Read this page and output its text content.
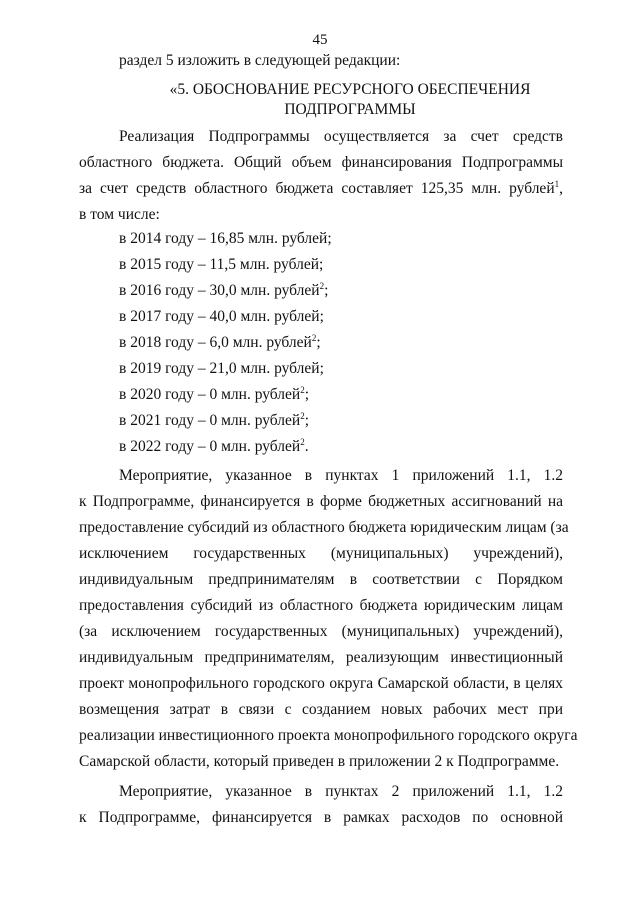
45
раздел 5 изложить в следующей редакции:
«5. ОБОСНОВАНИЕ РЕСУРСНОГО ОБЕСПЕЧЕНИЯ
ПОДПРОГРАММЫ
Реализация Подпрограммы осуществляется за счет средств
областного бюджета. Общий объем финансирования Подпрограммы
за счет средств областного бюджета составляет 125,35 млн. рублей$^1$,
в том числе:
в 2014 году – 16,85 млн. рублей;
в 2015 году – 11,5 млн. рублей;
в 2016 году – 30,0 млн. рублей$^2$;
в 2017 году – 40,0 млн. рублей;
в 2018 году – 6,0 млн. рублей$^2$;
в 2019 году – 21,0 млн. рублей;
в 2020 году – 0 млн. рублей$^2$;
в 2021 году – 0 млн. рублей$^2$;
в 2022 году – 0 млн. рублей$^2$.
Мероприятие, указанное в пунктах 1 приложений 1.1, 1.2
к Подпрограмме, финансируется в форме бюджетных ассигнований на
предоставление субсидий из областного бюджета юридическим лицам (за
исключением государственных (муниципальных) учреждений),
индивидуальным предпринимателям в соответствии с Порядком
предоставления субсидий из областного бюджета юридическим лицам
(за исключением государственных (муниципальных) учреждений),
индивидуальным предпринимателям, реализующим инвестиционный
проект монопрофильного городского округа Самарской области, в целях
возмещения затрат в связи с созданием новых рабочих мест при
реализации инвестиционного проекта монопрофильного городского округа
Самарской области, который приведен в приложении 2 к Подпрограмме.
Мероприятие, указанное в пунктах 2 приложений 1.1, 1.2
к Подпрограмме, финансируется в рамках расходов по основной
